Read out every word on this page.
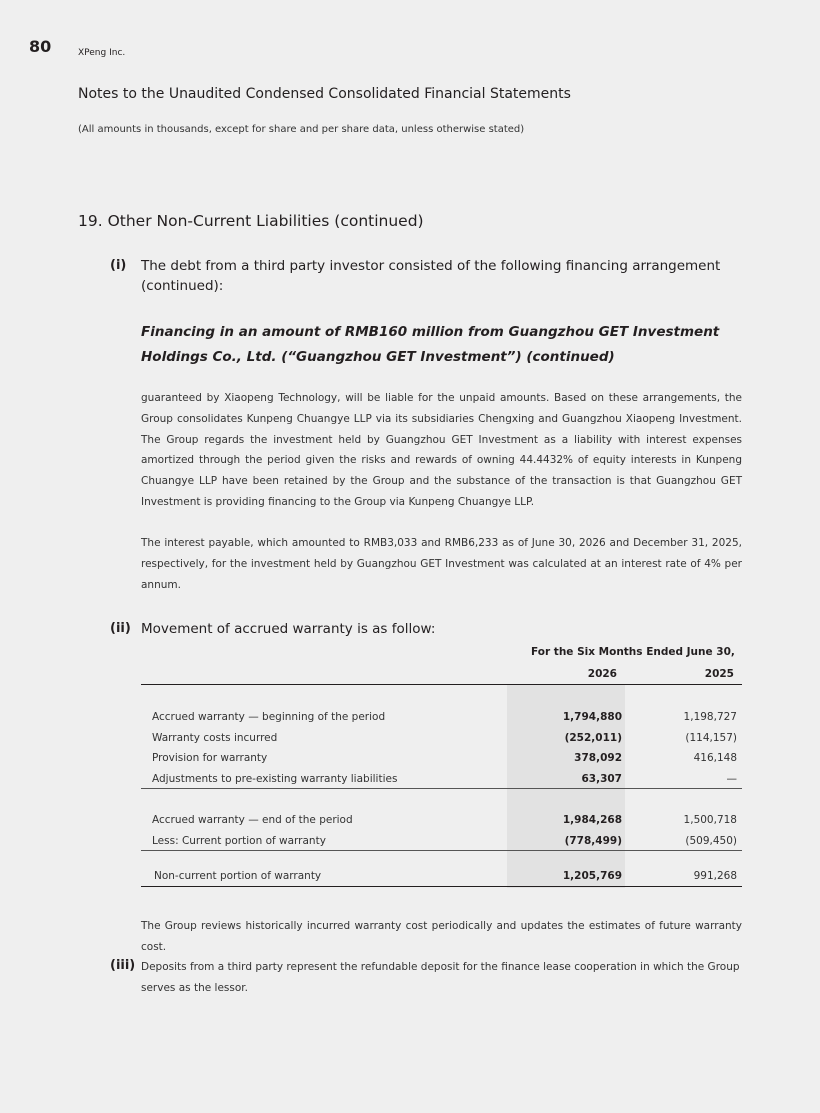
80	XPeng Inc.
Notes to the Unaudited Condensed Consolidated Financial Statements
(All amounts in thousands, except for share and per share data, unless otherwise stated)
19. Other Non-Current Liabilities (continued)
(i) The debt from a third party investor consisted of the following financing arrangement (continued):
Financing in an amount of RMB160 million from Guangzhou GET Investment Holdings Co., Ltd. (“Guangzhou GET Investment”) (continued)
guaranteed by Xiaopeng Technology, will be liable for the unpaid amounts. Based on these arrangements, the Group consolidates Kunpeng Chuangye LLP via its subsidiaries Chengxing and Guangzhou Xiaopeng Investment. The Group regards the investment held by Guangzhou GET Investment as a liability with interest expenses amortized through the period given the risks and rewards of owning 44.4432% of equity interests in Kunpeng Chuangye LLP have been retained by the Group and the substance of the transaction is that Guangzhou GET Investment is providing financing to the Group via Kunpeng Chuangye LLP.
The interest payable, which amounted to RMB3,033 and RMB6,233 as of June 30, 2026 and December 31, 2025, respectively, for the investment held by Guangzhou GET Investment was calculated at an interest rate of 4% per annum.
(ii) Movement of accrued warranty is as follow:
For the Six Months Ended June 30,
2026	2025
Accrued warranty — beginning of the period	1,794,880	1,198,727
Warranty costs incurred	(252,011)	(114,157)
Provision for warranty	378,092	416,148
Adjustments to pre-existing warranty liabilities	63,307	—
Accrued warranty — end of the period	1,984,268	1,500,718
Less: Current portion of warranty	(778,499)	(509,450)
Non-current portion of warranty	1,205,769	991,268
The Group reviews historically incurred warranty cost periodically and updates the estimates of future warranty cost.
(iii) Deposits from a third party represent the refundable deposit for the finance lease cooperation in which the Group serves as the lessor.
